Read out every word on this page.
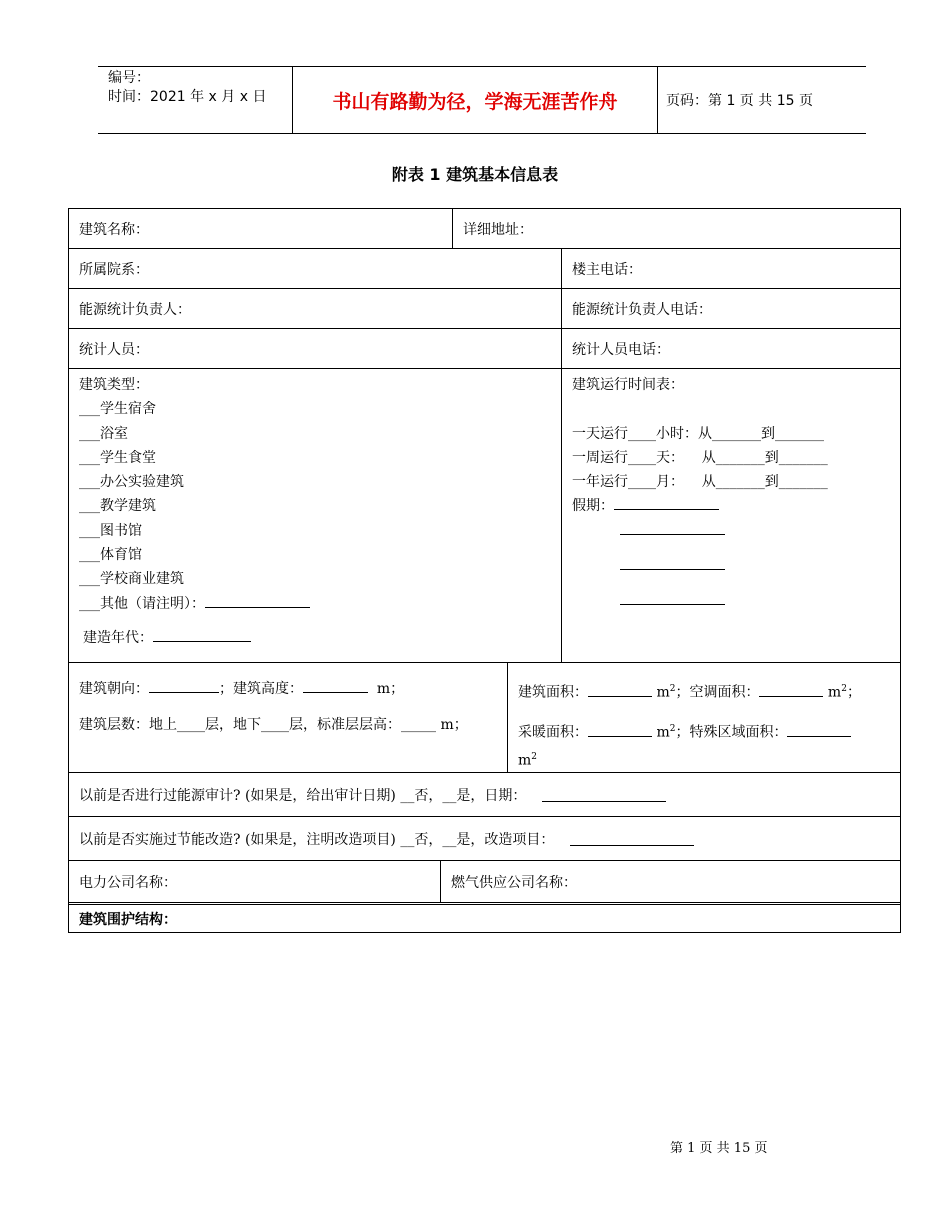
编号：
时间：2021 年 x 月 x 日	书山有路勤为径，学海无涯苦作舟	页码：第 1 页 共 15 页
附表 1 建筑基本信息表
建筑名称：	详细地址：
所属院系：	楼主电话：
能源统计负责人：	能源统计负责人电话：
统计人员：	统计人员电话：
建筑类型：
___学生宿舍
___浴室
___学生食堂
___办公实验建筑
___教学建筑
___图书馆
___体育馆
___学校商业建筑
___其他（请注明）：
建造年代：
建筑运行时间表：

一天运行____小时：从_______到_______
一周运行____天：    从_______到_______
一年运行____月：    从_______到_______
假期：
建筑朝向：	；建筑高度：	m；
建筑层数：地上____层，地下____层，标准层层高：_____ m；
建筑面积：	$m^2$；空调面积：	$m^2$；
采暖面积：	$m^2$；特殊区域面积：
$m^2$
以前是否进行过能源审计? (如果是，给出审计日期) __否，__是，日期：
以前是否实施过节能改造? (如果是，注明改造项目) __否，__是，改造项目：
电力公司名称：	燃气供应公司名称：
建筑围护结构：
第 1 页 共 15 页
